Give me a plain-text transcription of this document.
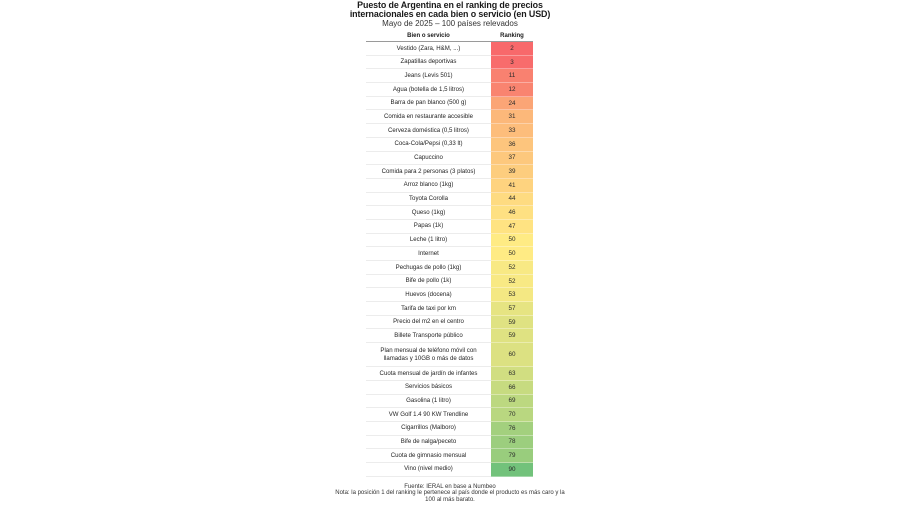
Puesto de Argentina en el ranking de precios
internacionales en cada bien o servicio (en USD)
Mayo de 2025 – 100 países relevados
Bien o servicio	Ranking
Vestido (Zara, H&M, ...)	2
Zapatillas deportivas	3
Jeans (Levis 501)	11
Agua (botella de 1,5 litros)	12
Barra de pan blanco (500 g)	24
Comida en restaurante accesible	31
Cerveza doméstica (0,5 litros)	33
Coca-Cola/Pepsi (0,33 lt)	36
Capuccino	37
Comida para 2 personas (3 platos)	39
Arroz blanco (1kg)	41
Toyota Corolla	44
Queso (1kg)	46
Papas (1k)	47
Leche (1 litro)	50
Internet	50
Pechugas de pollo (1kg)	52
Bife de pollo (1k)	52
Huevos (docena)	53
Tarifa de taxi por km	57
Precio del m2 en el centro	59
Billete Transporte público	59
Plan mensual de teléfono móvil con
llamadas y 10GB o más de datos	60
Cuota mensual de jardín de infantes	63
Servicios básicos	66
Gasolina (1 litro)	69
VW Golf 1.4 90 KW Trendline	70
Cigarrillos (Malboro)	76
Bife de nalga/peceto	78
Cuota de gimnasio mensual	79
Vino (nivel medio)	90
Fuente: IERAL en base a Numbeo
Nota: la posición 1 del ranking le pertenece al país donde el producto es más caro y la
100 al más barato.
